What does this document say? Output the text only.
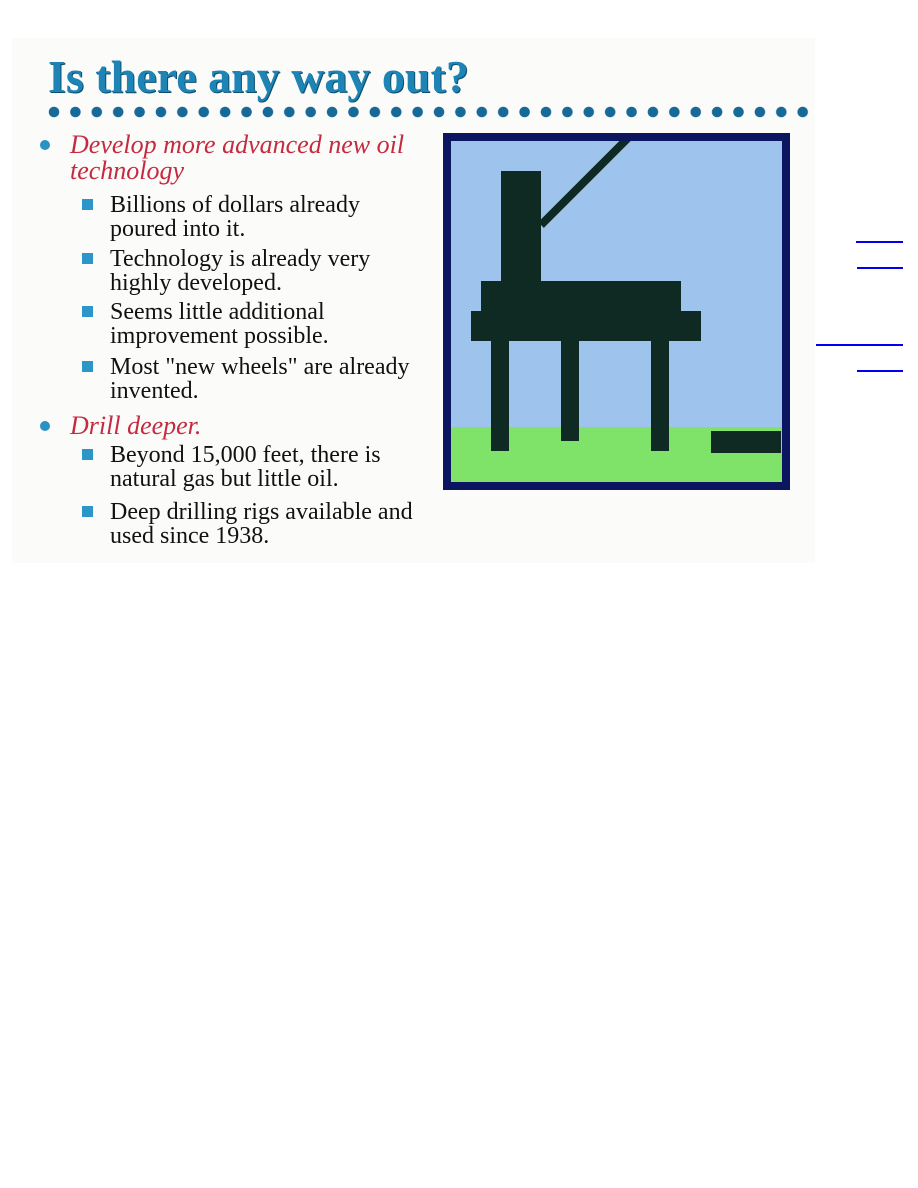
Is there any way out?
Develop more advanced new oil technology
Billions of dollars already poured into it.
Technology is already very highly developed.
Seems little additional improvement possible.
Most "new wheels" are already invented.
Drill deeper.
Beyond 15,000 feet, there is natural gas but little oil.
Deep drilling rigs available and used since 1938.
